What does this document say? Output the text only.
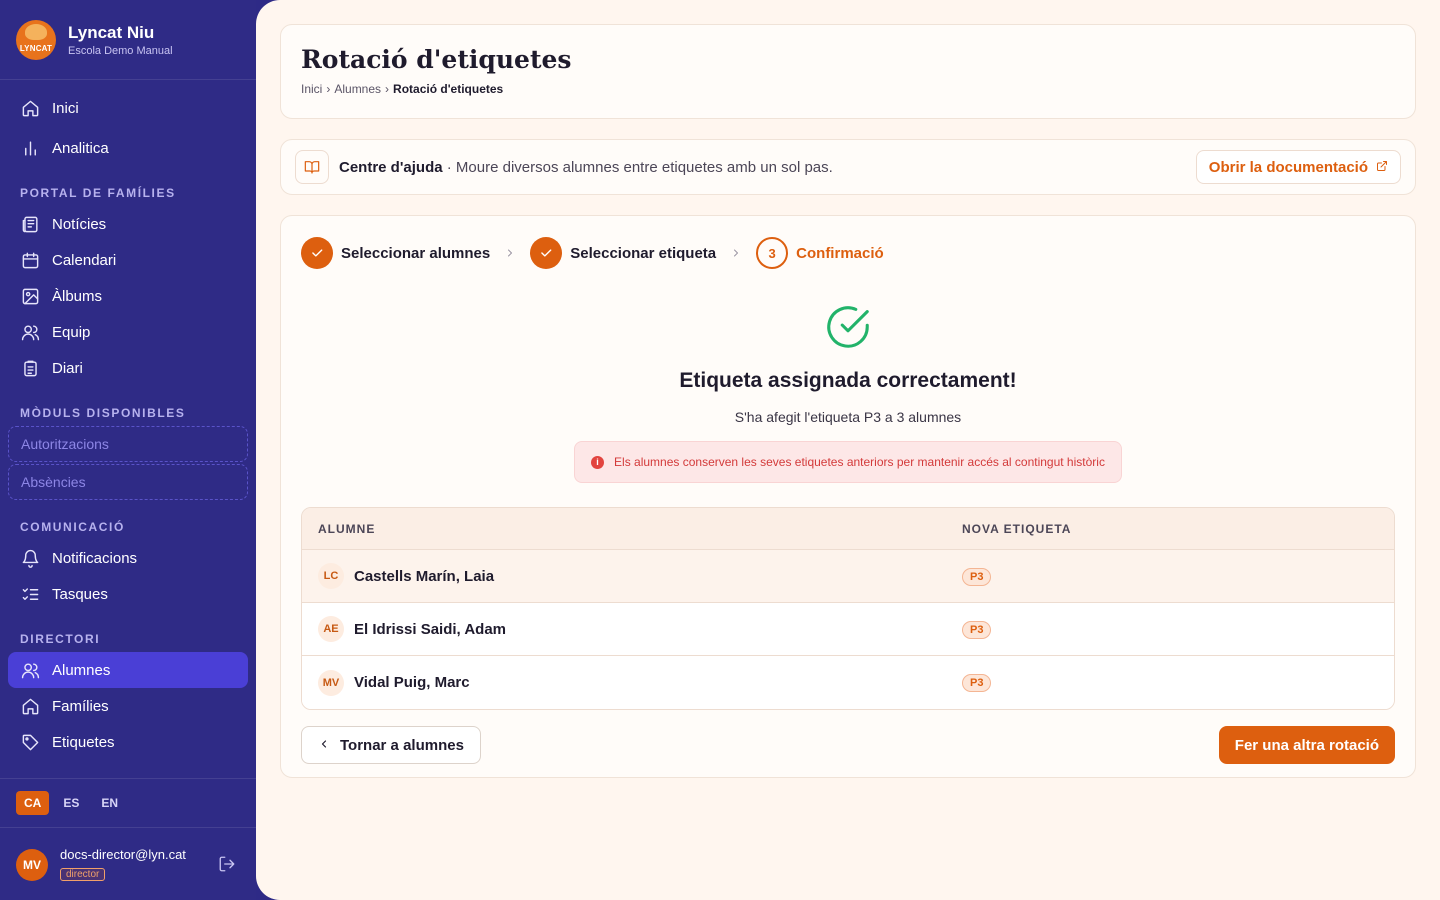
LYNCAT
Lyncat Niu
Escola Demo Manual
Inici
Analitica
PORTAL DE FAMÍLIES
Notícies
Calendari
Àlbums
Equip
Diari
MÒDULS DISPONIBLES
Autoritzacions
Absències
COMUNICACIÓ
Notificacions
Tasques
DIRECTORI
Alumnes
Famílies
Etiquetes
CA	ES	EN
MV
docs-director@lyn.cat
director
Rotació d'etiquetes
Inici › Alumnes › Rotació d'etiquetes
Centre d'ajuda · Moure diversos alumnes entre etiquetes amb un sol pas.	Obrir la documentació
Seleccionar alumnes	Seleccionar etiqueta	3	Confirmació
Etiqueta assignada correctament!
S'ha afegit l'etiqueta P3 a 3 alumnes
i	Els alumnes conserven les seves etiquetes anteriors per mantenir accés al contingut històric
ALUMNE	NOVA ETIQUETA
LC	Castells Marín, Laia	P3
AE	El Idrissi Saidi, Adam	P3
MV Vidal Puig, Marc	P3
Tornar a alumnes	Fer una altra rotació
